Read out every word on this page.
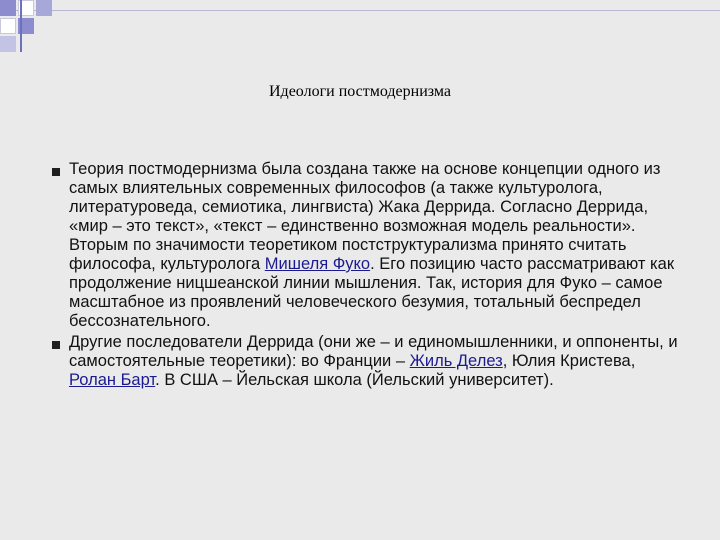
Идеологи постмодернизма
Теория постмодернизма была создана также на основе концепции одного из самых влиятельных современных философов (а также культуролога, литературоведа, семиотика, лингвиста) Жака Деррида. Согласно Деррида, «мир – это текст», «текст – единственно возможная модель реальности». Вторым по значимости теоретиком постструктурализма принято считать философа, культуролога Мишеля Фуко. Его позицию часто рассматривают как продолжение ницшеанской линии мышления. Так, история для Фуко – самое масштабное из проявлений человеческого безумия, тотальный беспредел бессознательного.
Другие последователи Деррида (они же – и единомышленники, и оппоненты, и самостоятельные теоретики): во Франции – Жиль Делез, Юлия Кристева, Ролан Барт. В США – Йельская школа (Йельский университет).
